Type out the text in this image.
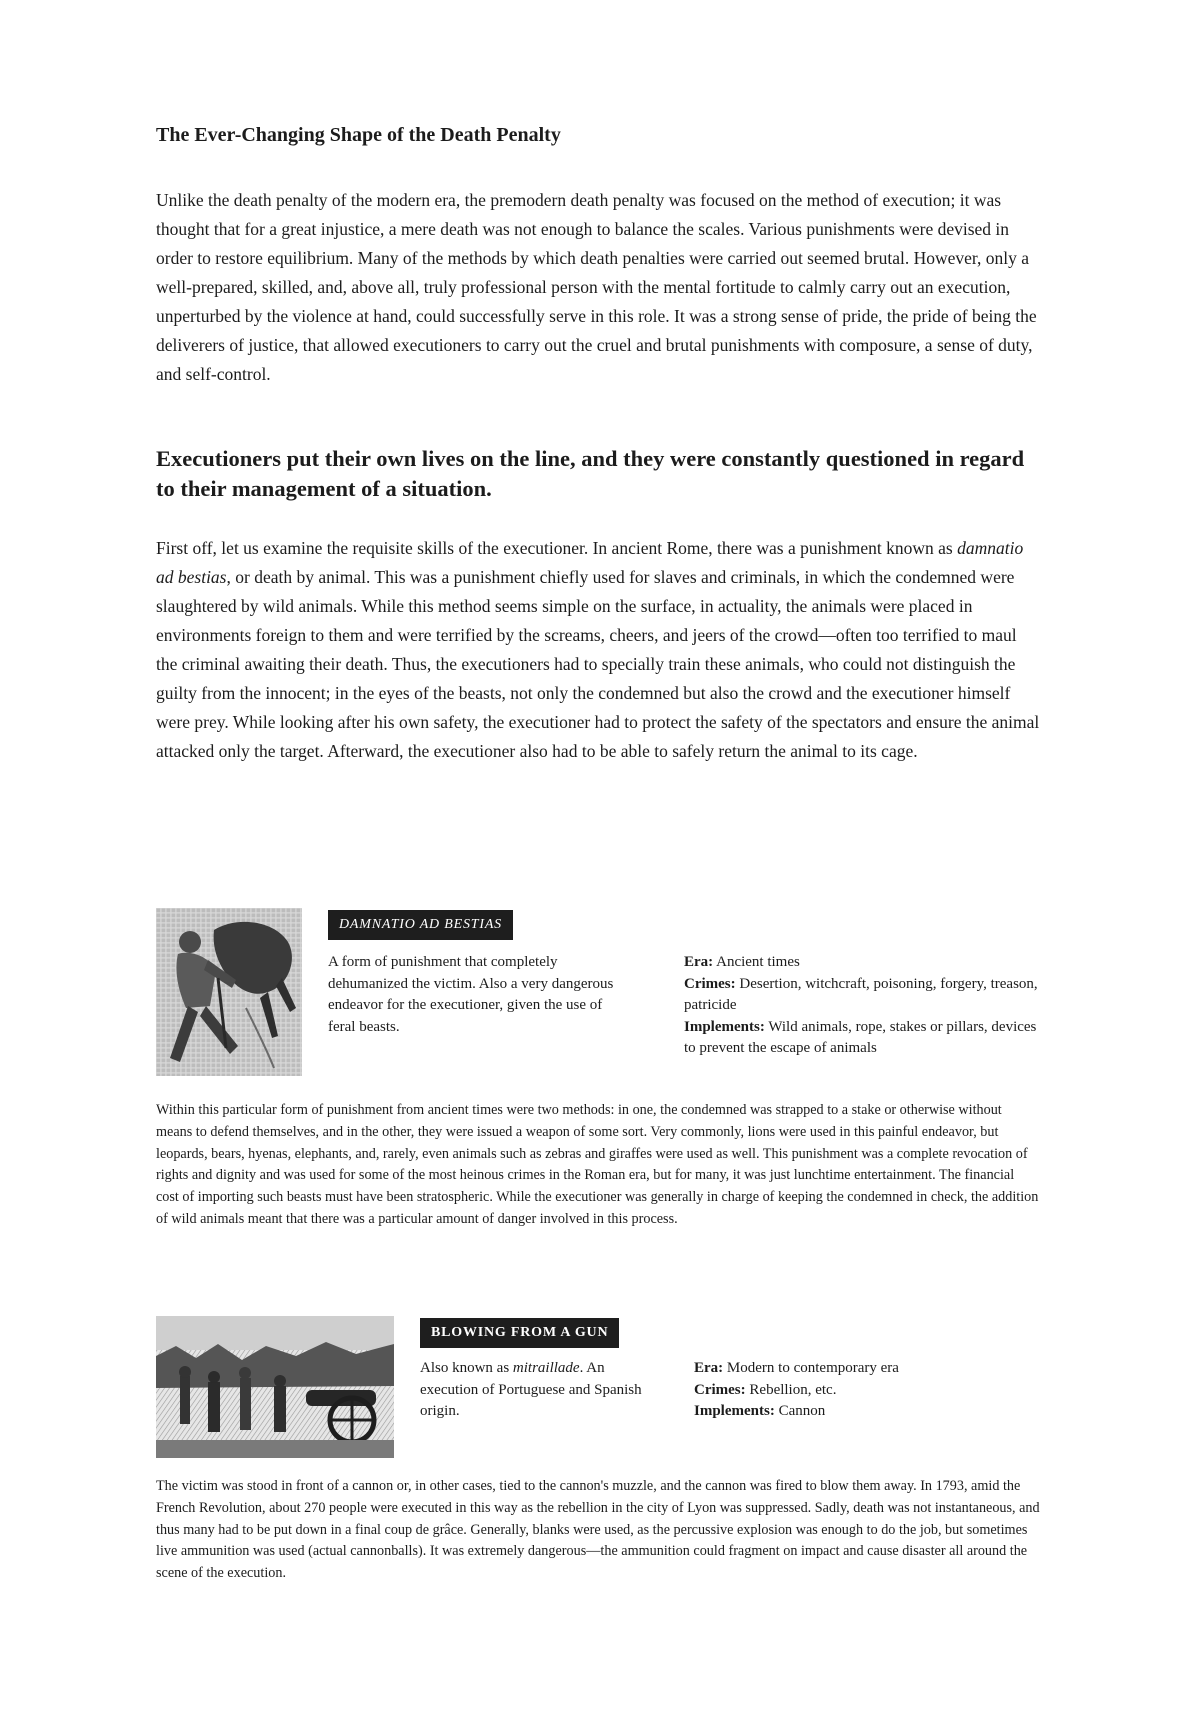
The Ever-Changing Shape of the Death Penalty

Unlike the death penalty of the modern era, the premodern death penalty was focused on the method of execution; it was thought that for a great injustice, a mere death was not enough to balance the scales. Various punishments were devised in order to restore equilibrium. Many of the methods by which death penalties were carried out seemed brutal. However, only a well-prepared, skilled, and, above all, truly professional person with the mental fortitude to calmly carry out an execution, unperturbed by the violence at hand, could successfully serve in this role. It was a strong sense of pride, the pride of being the deliverers of justice, that allowed executioners to carry out the cruel and brutal punishments with composure, a sense of duty, and self-control.

Executioners put their own lives on the line, and they were constantly questioned in regard to their management of a situation.

First off, let us examine the requisite skills of the executioner. In ancient Rome, there was a punishment known as damnatio ad bestias, or death by animal. This was a punishment chiefly used for slaves and criminals, in which the condemned were slaughtered by wild animals. While this method seems simple on the surface, in actuality, the animals were placed in environments foreign to them and were terrified by the screams, cheers, and jeers of the crowd—often too terrified to maul the criminal awaiting their death. Thus, the executioners had to specially train these animals, who could not distinguish the guilty from the innocent; in the eyes of the beasts, not only the condemned but also the crowd and the executioner himself were prey. While looking after his own safety, the executioner had to protect the safety of the spectators and ensure the animal attacked only the target. Afterward, the executioner also had to be able to safely return the animal to its cage.

DAMNATIO AD BESTIAS

A form of punishment that completely dehumanized the victim. Also a very dangerous endeavor for the executioner, given the use of feral beasts.

Era: Ancient times
Crimes: Desertion, witchcraft, poisoning, forgery, treason, patricide
Implements: Wild animals, rope, stakes or pillars, devices to prevent the escape of animals

Within this particular form of punishment from ancient times were two methods: in one, the condemned was strapped to a stake or otherwise without means to defend themselves, and in the other, they were issued a weapon of some sort. Very commonly, lions were used in this painful endeavor, but leopards, bears, hyenas, elephants, and, rarely, even animals such as zebras and giraffes were used as well. This punishment was a complete revocation of rights and dignity and was used for some of the most heinous crimes in the Roman era, but for many, it was just lunchtime entertainment. The financial cost of importing such beasts must have been stratospheric. While the executioner was generally in charge of keeping the condemned in check, the addition of wild animals meant that there was a particular amount of danger involved in this process.

BLOWING FROM A GUN

Also known as mitraillade. An execution of Portuguese and Spanish origin.

Era: Modern to contemporary era
Crimes: Rebellion, etc.
Implements: Cannon

The victim was stood in front of a cannon or, in other cases, tied to the cannon's muzzle, and the cannon was fired to blow them away. In 1793, amid the French Revolution, about 270 people were executed in this way as the rebellion in the city of Lyon was suppressed. Sadly, death was not instantaneous, and thus many had to be put down in a final coup de grâce. Generally, blanks were used, as the percussive explosion was enough to do the job, but sometimes live ammunition was used (actual cannonballs). It was extremely dangerous—the ammunition could fragment on impact and cause disaster all around the scene of the execution.
